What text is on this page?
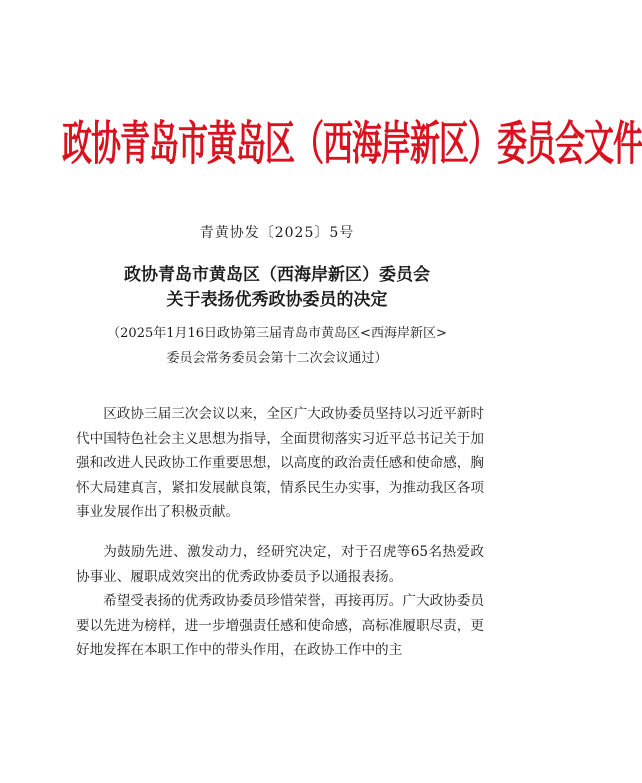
政协青岛市黄岛区（西海岸新区）委员会文件
青黄协发〔2025〕5号
政协青岛市黄岛区（西海岸新区）委员会
关于表扬优秀政协委员的决定
（2025年1月16日政协第三届青岛市黄岛区<西海岸新区>
委员会常务委员会第十二次会议通过）
区政协三届三次会议以来，全区广大政协委员坚持以习近平新时代中国特色社会主义思想为指导，全面贯彻落实习近平总书记关于加强和改进人民政协工作重要思想，以高度的政治责任感和使命感，胸怀大局建真言，紧扣发展献良策，情系民生办实事，为推动我区各项事业发展作出了积极贡献。
为鼓励先进、激发动力，经研究决定，对于召虎等65名热爱政协事业、履职成效突出的优秀政协委员予以通报表扬。
希望受表扬的优秀政协委员珍惜荣誉，再接再厉。广大政协委员要以先进为榜样，进一步增强责任感和使命感，高标准履职尽责，更好地发挥在本职工作中的带头作用，在政协工作中的主
